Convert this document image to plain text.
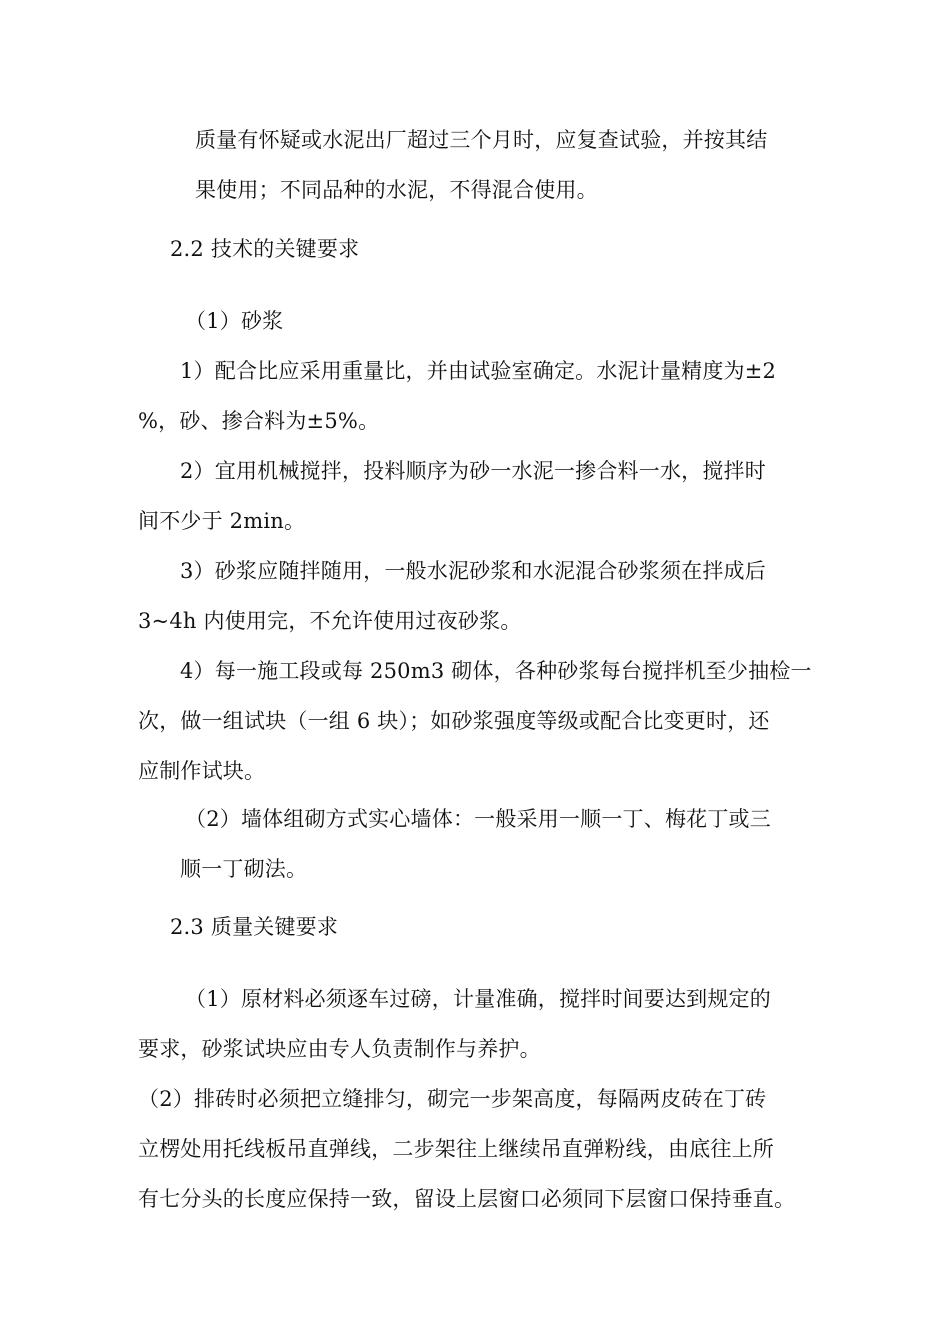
质量有怀疑或水泥出厂超过三个月时，应复查试验，并按其结
果使用；不同品种的水泥，不得混合使用。
2.2 技术的关键要求
（1）砂浆
1）配合比应采用重量比，并由试验室确定。水泥计量精度为±2
%，砂、掺合料为±5%。
2）宜用机械搅拌，投料顺序为砂一水泥一掺合料一水，搅拌时
间不少于 2min。
3）砂浆应随拌随用，一般水泥砂浆和水泥混合砂浆须在拌成后
3~4h 内使用完，不允许使用过夜砂浆。
4）每一施工段或每 250m3 砌体，各种砂浆每台搅拌机至少抽检一
次，做一组试块（一组 6 块）；如砂浆强度等级或配合比变更时，还
应制作试块。
（2）墙体组砌方式实心墙体：一般采用一顺一丁、梅花丁或三
顺一丁砌法。
2.3 质量关键要求
（1）原材料必须逐车过磅，计量准确，搅拌时间要达到规定的
要求，砂浆试块应由专人负责制作与养护。
（2）排砖时必须把立缝排匀，砌完一步架高度，每隔两皮砖在丁砖
立楞处用托线板吊直弹线，二步架往上继续吊直弹粉线，由底往上所
有七分头的长度应保持一致，留设上层窗口必须同下层窗口保持垂直。
